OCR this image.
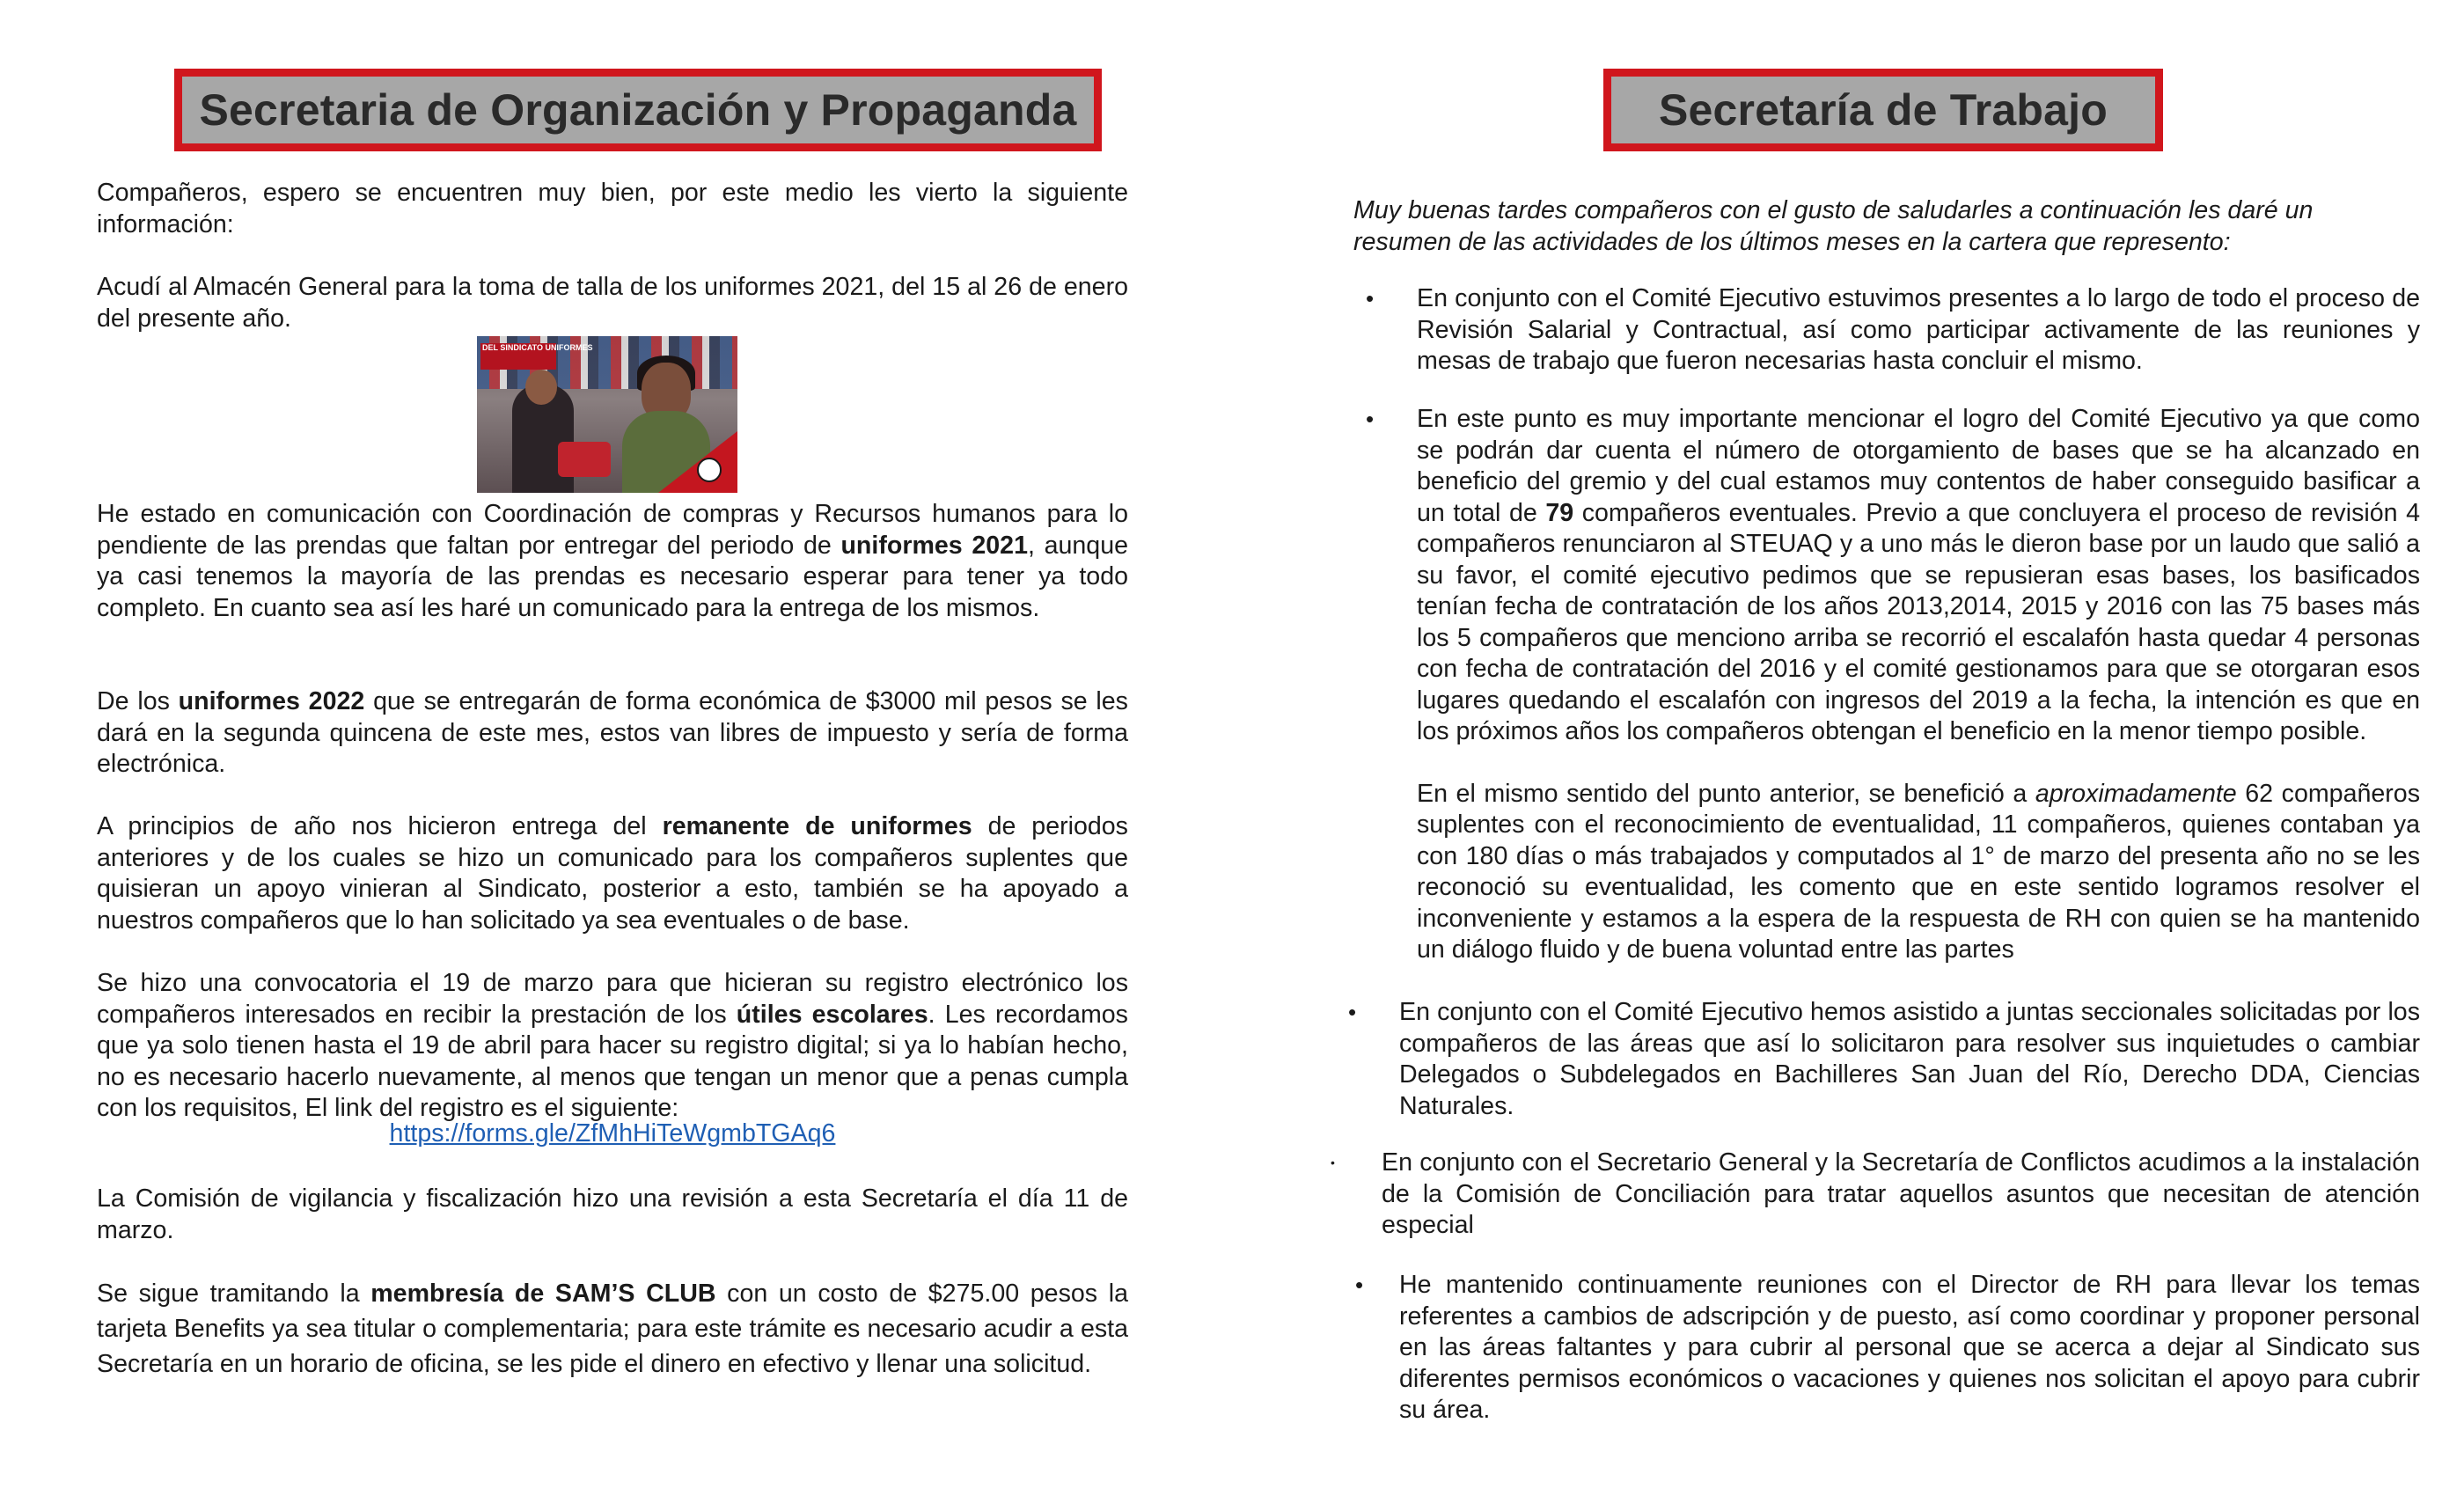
Secretaria de Organización y Propaganda	Secretaría de Trabajo

Compañeros, espero se encuentren muy bien, por este medio les vierto la siguiente información:

Acudí al Almacén General para la toma de talla de los uniformes 2021, del 15 al 26 de enero del presente año.

DEL SINDICATO UNIFORMES

He estado en comunicación con Coordinación de compras y Recursos humanos para lo pendiente de las prendas que faltan por entregar del periodo de uniformes 2021, aunque ya casi tenemos la mayoría de las prendas es necesario esperar para tener ya todo completo. En cuanto sea así les haré un comunicado para la entrega de los mismos.

De los uniformes 2022 que se entregarán de forma económica de $3000 mil pesos se les dará en la segunda quincena de este mes, estos van libres de impuesto y sería de forma electrónica.

A principios de año nos hicieron entrega del remanente de uniformes de periodos anteriores y de los cuales se hizo un comunicado para los compañeros suplentes que quisieran un apoyo vinieran al Sindicato, posterior a esto, también se ha apoyado a nuestros compañeros que lo han solicitado ya sea eventuales o de base.

Se hizo una convocatoria el 19 de marzo para que hicieran su registro electrónico los compañeros interesados en recibir la prestación de los útiles escolares. Les recordamos que ya solo tienen hasta el 19 de abril para hacer su registro digital; si ya lo habían hecho, no es necesario hacerlo nuevamente, al menos que tengan un menor que a penas cumpla con los requisitos, El link del registro es el siguiente:

https://forms.gle/ZfMhHiTeWgmbTGAq6

La Comisión de vigilancia y fiscalización hizo una revisión a esta Secretaría el día 11 de marzo.

Se sigue tramitando la membresía de SAM’S CLUB con un costo de $275.00 pesos la tarjeta Benefits ya sea titular o complementaria; para este trámite es necesario acudir a esta Secretaría en un horario de oficina, se les pide el dinero en efectivo y llenar una solicitud.

Muy buenas tardes compañeros con el gusto de saludarles a continuación les daré un resumen de las actividades de los últimos meses en la cartera que represento:

• En conjunto con el Comité Ejecutivo estuvimos presentes a lo largo de todo el proceso de Revisión Salarial y Contractual, así como participar activamente de las reuniones y mesas de trabajo que fueron necesarias hasta concluir el mismo.

• En este punto es muy importante mencionar el logro del Comité Ejecutivo ya que como se podrán dar cuenta el número de otorgamiento de bases que se ha alcanzado en beneficio del gremio y del cual estamos muy contentos de haber conseguido basificar a un total de 79 compañeros eventuales. Previo a que concluyera el proceso de revisión 4 compañeros renunciaron al STEUAQ y a uno más le dieron base por un laudo que salió a su favor, el comité ejecutivo pedimos que se repusieran esas bases, los basificados tenían fecha de contratación de los años 2013,2014, 2015 y 2016 con las 75 bases más los 5 compañeros que menciono arriba se recorrió el escalafón hasta quedar 4 personas con fecha de contratación del 2016 y el comité gestionamos para que se otorgaran esos lugares quedando el escalafón con ingresos del 2019 a la fecha, la intención es que en los próximos años los compañeros obtengan el beneficio en la menor tiempo posible.

En el mismo sentido del punto anterior, se benefició a aproximadamente 62 compañeros suplentes con el reconocimiento de eventualidad, 11 compañeros, quienes contaban ya con 180 días o más trabajados y computados al 1° de marzo del presenta año no se les reconoció su eventualidad, les comento que en este sentido logramos resolver el inconveniente y estamos a la espera de la respuesta de RH con quien se ha mantenido un diálogo fluido y de buena voluntad entre las partes

• En conjunto con el Comité Ejecutivo hemos asistido a juntas seccionales solicitadas por los compañeros de las áreas que así lo solicitaron para resolver sus inquietudes o cambiar Delegados o Subdelegados en Bachilleres San Juan del Río, Derecho DDA, Ciencias Naturales.

• En conjunto con el Secretario General y la Secretaría de Conflictos acudimos a la instalación de la Comisión de Conciliación para tratar aquellos asuntos que necesitan de atención especial

• He mantenido continuamente reuniones con el Director de RH para llevar los temas referentes a cambios de adscripción y de puesto, así como coordinar y proponer personal en las áreas faltantes y para cubrir al personal que se acerca a dejar al Sindicato sus diferentes permisos económicos o vacaciones y quienes nos solicitan el apoyo para cubrir su área.
